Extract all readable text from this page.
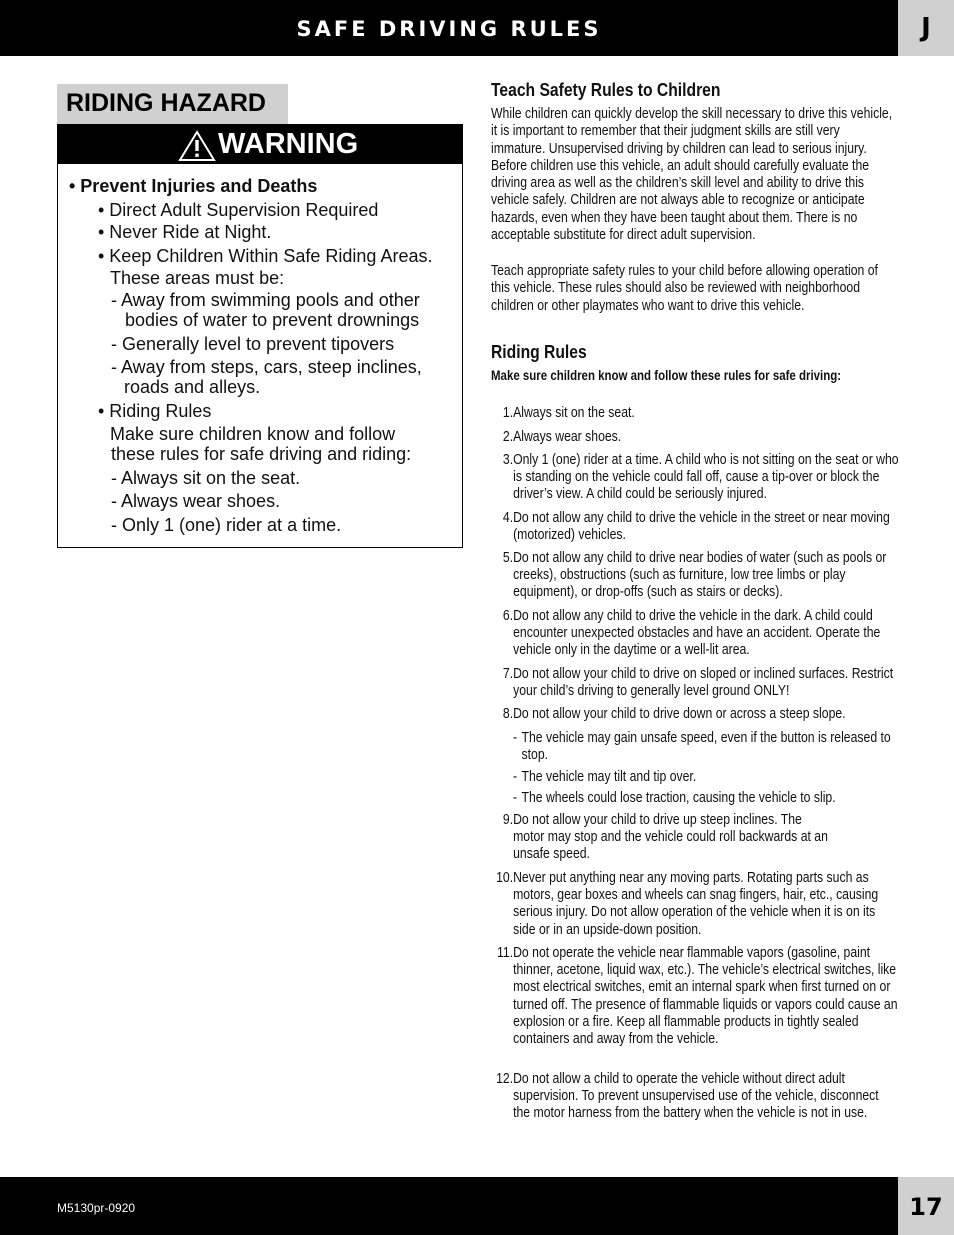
SAFE DRIVING RULES	J
RIDING HAZARD
WARNING
• Prevent Injuries and Deaths
• Direct Adult Supervision Required
• Never Ride at Night.
• Keep Children Within Safe Riding Areas.
These areas must be:
- Away from swimming pools and other
bodies of water to prevent drownings
- Generally level to prevent tipovers
- Away from steps, cars, steep inclines,
roads and alleys.
• Riding Rules
Make sure children know and follow
these rules for safe driving and riding:
- Always sit on the seat.
- Always wear shoes.
- Only 1 (one) rider at a time.
Teach Safety Rules to Children
While children can quickly develop the skill necessary to drive this vehicle, it is important to remember that their judgment skills are still very immature. Unsupervised driving by children can lead to serious injury. Before children use this vehicle, an adult should carefully evaluate the driving area as well as the children’s skill level and ability to drive this vehicle safely. Children are not always able to recognize or anticipate hazards, even when they have been taught about them. There is no acceptable substitute for direct adult supervision.
Teach appropriate safety rules to your child before allowing operation of this vehicle. These rules should also be reviewed with neighborhood children or other playmates who want to drive this vehicle.
Riding Rules
Make sure children know and follow these rules for safe driving:
1. Always sit on the seat.
2. Always wear shoes.
3. Only 1 (one) rider at a time. A child who is not sitting on the seat or who is standing on the vehicle could fall off, cause a tip-over or block the driver’s view. A child could be seriously injured.
4. Do not allow any child to drive the vehicle in the street or near moving (motorized) vehicles.
5. Do not allow any child to drive near bodies of water (such as pools or creeks), obstructions (such as furniture, low tree limbs or play equipment), or drop-offs (such as stairs or decks).
6. Do not allow any child to drive the vehicle in the dark. A child could encounter unexpected obstacles and have an accident. Operate the vehicle only in the daytime or a well-lit area.
7. Do not allow your child to drive on sloped or inclined surfaces. Restrict your child’s driving to generally level ground ONLY!
8. Do not allow your child to drive down or across a steep slope.
- The vehicle may gain unsafe speed, even if the button is released to stop.
- The vehicle may tilt and tip over.
- The wheels could lose traction, causing the vehicle to slip.
9. Do not allow your child to drive up steep inclines. The motor may stop and the vehicle could roll backwards at an unsafe speed.
10. Never put anything near any moving parts. Rotating parts such as motors, gear boxes and wheels can snag fingers, hair, etc., causing serious injury. Do not allow operation of the vehicle when it is on its side or in an upside-down position.
11. Do not operate the vehicle near flammable vapors (gasoline, paint thinner, acetone, liquid wax, etc.). The vehicle’s electrical switches, like most electrical switches, emit an internal spark when first turned on or turned off. The presence of flammable liquids or vapors could cause an explosion or a fire. Keep all flammable products in tightly sealed containers and away from the vehicle.
12. Do not allow a child to operate the vehicle without direct adult supervision. To prevent unsupervised use of the vehicle, disconnect the motor harness from the battery when the vehicle is not in use.
M5130pr-0920	17
